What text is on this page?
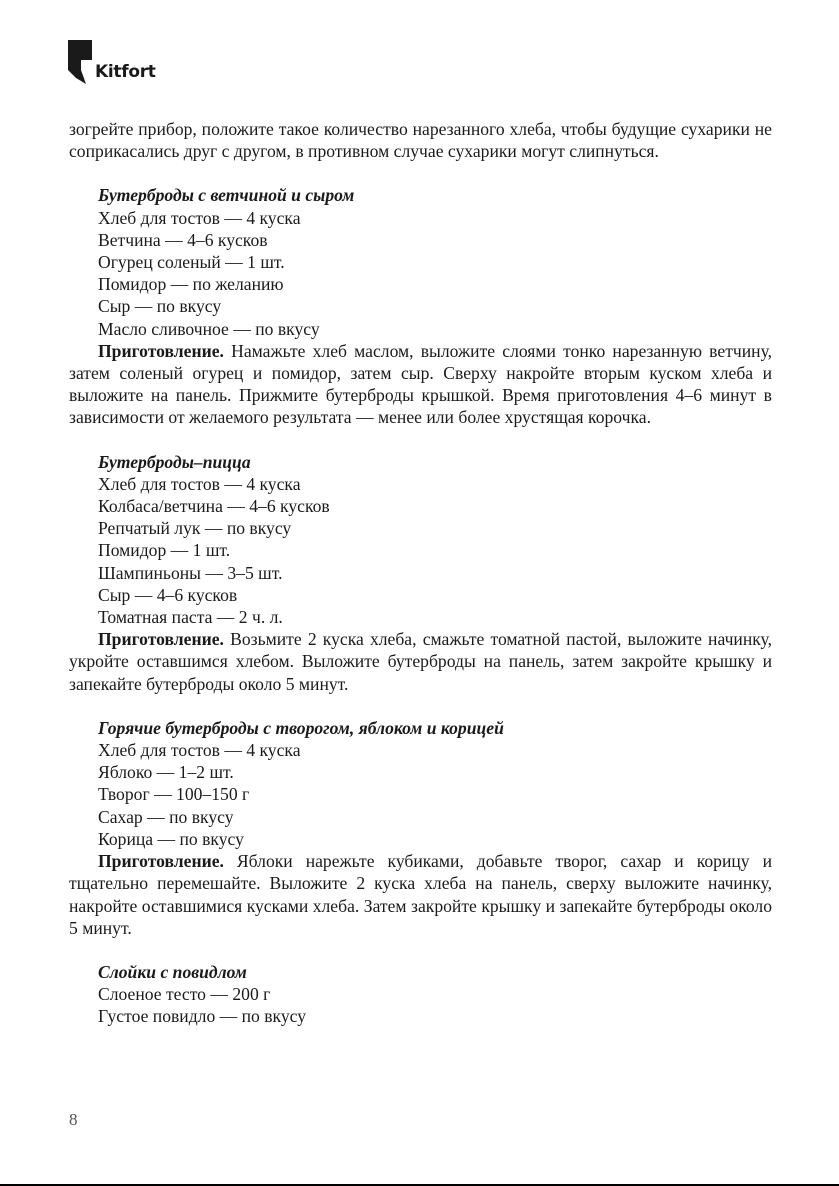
Kitfort

зогрейте прибор, положите такое количество нарезанного хлеба, чтобы будущие сухарики не соприкасались друг с другом, в противном случае сухарики могут слипнуться.

Бутерброды с ветчиной и сыром

Хлеб для тостов — 4 куска

Ветчина — 4–6 кусков

Огурец соленый — 1 шт.

Помидор — по желанию

Сыр — по вкусу

Масло сливочное — по вкусу

Приготовление. Намажьте хлеб маслом, выложите слоями тонко нарезанную ветчину, затем соленый огурец и помидор, затем сыр. Сверху накройте вторым куском хлеба и выложите на панель. Прижмите бутерброды крышкой. Время приготовления 4–6 минут в зависимости от желаемого результата — менее или более хрустящая корочка.

Бутерброды–пицца

Хлеб для тостов — 4 куска

Колбаса/ветчина — 4–6 кусков

Репчатый лук — по вкусу

Помидор — 1 шт.

Шампиньоны — 3–5 шт.

Сыр — 4–6 кусков

Томатная паста — 2 ч. л.

Приготовление. Возьмите 2 куска хлеба, смажьте томатной пастой, выложите начинку, укройте оставшимся хлебом. Выложите бутерброды на панель, затем закройте крышку и запекайте бутерброды около 5 минут.

Горячие бутерброды с творогом, яблоком и корицей

Хлеб для тостов — 4 куска

Яблоко — 1–2 шт.

Творог — 100–150 г

Сахар — по вкусу

Корица — по вкусу

Приготовление. Яблоки нарежьте кубиками, добавьте творог, сахар и корицу и тщательно перемешайте. Выложите 2 куска хлеба на панель, сверху выложите начинку, накройте оставшимися кусками хлеба. Затем закройте крышку и запекайте бутерброды около 5 минут.

Слойки с повидлом

Слоеное тесто — 200 г

Густое повидло — по вкусу

8
